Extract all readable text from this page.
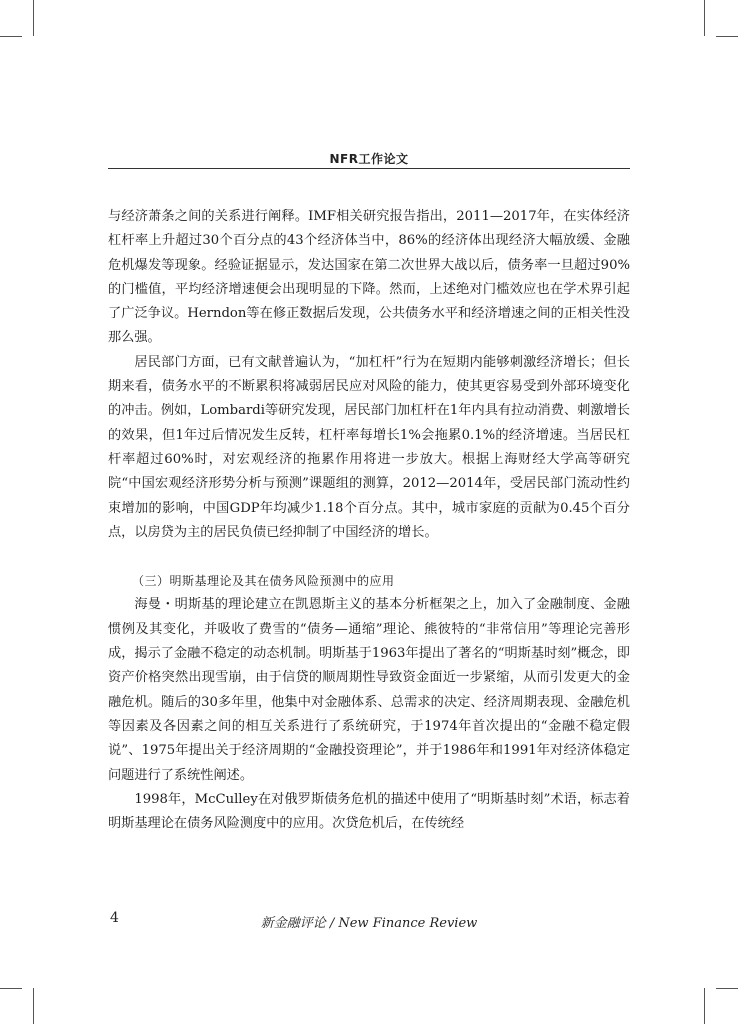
NFR工作论文

与经济萧条之间的关系进行阐释。IMF相关研究报告指出，2011—2017年，在实体经济杠杆率上升超过30个百分点的43个经济体当中，86%的经济体出现经济大幅放缓、金融危机爆发等现象。经验证据显示，发达国家在第二次世界大战以后，债务率一旦超过90%的门槛值，平均经济增速便会出现明显的下降。然而，上述绝对门槛效应也在学术界引起了广泛争议。Herndon等在修正数据后发现，公共债务水平和经济增速之间的正相关性没那么强。

居民部门方面，已有文献普遍认为，“加杠杆”行为在短期内能够刺激经济增长；但长期来看，债务水平的不断累积将减弱居民应对风险的能力，使其更容易受到外部环境变化的冲击。例如，Lombardi等研究发现，居民部门加杠杆在1年内具有拉动消费、刺激增长的效果，但1年过后情况发生反转，杠杆率每增长1%会拖累0.1%的经济增速。当居民杠杆率超过60%时，对宏观经济的拖累作用将进一步放大。根据上海财经大学高等研究院“中国宏观经济形势分析与预测”课题组的测算，2012—2014年，受居民部门流动性约束增加的影响，中国GDP年均减少1.18个百分点。其中，城市家庭的贡献为0.45个百分点，以房贷为主的居民负债已经抑制了中国经济的增长。

（三）明斯基理论及其在债务风险预测中的应用

海曼・明斯基的理论建立在凯恩斯主义的基本分析框架之上，加入了金融制度、金融惯例及其变化，并吸收了费雪的“债务—通缩”理论、熊彼特的“非常信用”等理论完善形成，揭示了金融不稳定的动态机制。明斯基于1963年提出了著名的“明斯基时刻”概念，即资产价格突然出现雪崩，由于信贷的顺周期性导致资金面近一步紧缩，从而引发更大的金融危机。随后的30多年里，他集中对金融体系、总需求的决定、经济周期表现、金融危机等因素及各因素之间的相互关系进行了系统研究，于1974年首次提出的“金融不稳定假说”、1975年提出关于经济周期的“金融投资理论”，并于1986年和1991年对经济体稳定问题进行了系统性阐述。

1998年，McCulley在对俄罗斯债务危机的描述中使用了“明斯基时刻”术语，标志着明斯基理论在债务风险测度中的应用。次贷危机后，在传统经

4	新金融评论 / New Finance Review
